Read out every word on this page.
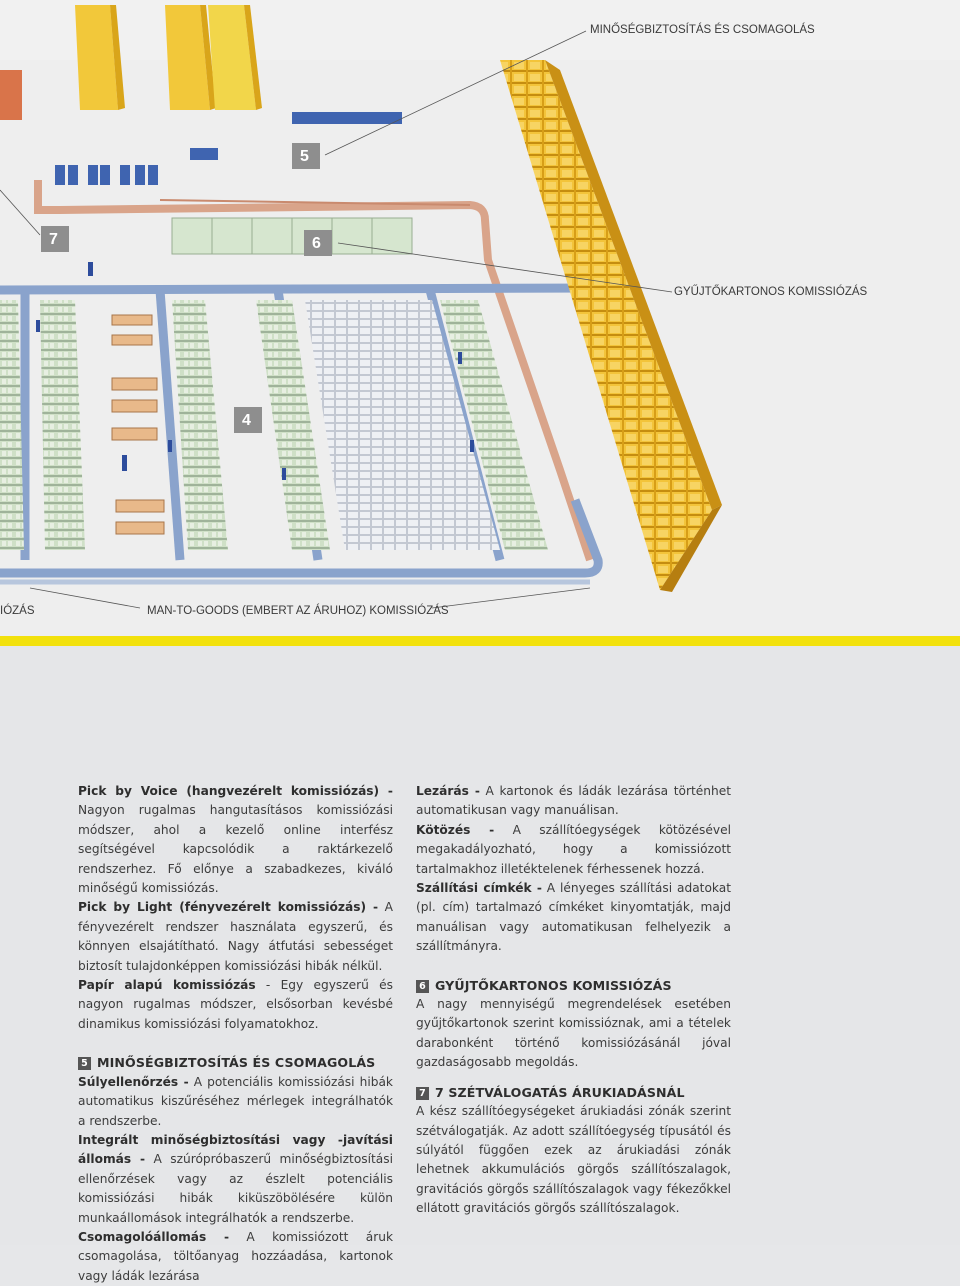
5
6
7
4
MINŐSÉGBIZTOSÍTÁS ÉS CSOMAGOLÁS
GYŰJTŐKARTONOS KOMISSIÓZÁS
IÓZÁS	MAN-TO-GOODS (EMBERT AZ ÁRUHOZ) KOMISSIÓZÁS

Pick by Voice (hangvezérelt komissiózás) - Nagyon rugalmas hangutasításos komissiózási módszer, ahol a kezelő online interfész segítségével kapcsolódik a raktárkezelő rendszerhez. Fő előnye a szabadkezes, kiváló minőségű komissiózás.

Pick by Light (fényvezérelt komissiózás) - A fényvezérelt rendszer használata egyszerű, és könnyen elsajátítható. Nagy átfutási sebességet biztosít tulajdonképpen komissiózási hibák nélkül.

Papír alapú komissiózás - Egy egyszerű és nagyon rugalmas módszer, elsősorban kevésbé dinamikus komissiózási folyamatokhoz.

5 MINŐSÉGBIZTOSÍTÁS ÉS CSOMAGOLÁS

Súlyellenőrzés - A potenciális komissiózási hibák automatikus kiszűréséhez mérlegek integrálhatók a rendszerbe.

Integrált minőségbiztosítási vagy -javítási állomás - A szúrópróbaszerű minőségbiztosítási ellenőrzések vagy az észlelt potenciális komissiózási hibák kiküszöbölésére külön munkaállomások integrálhatók a rendszerbe.

Csomagolóállomás - A komissiózott áruk csomagolása, töltőanyag hozzáadása, kartonok vagy ládák lezárása

Lezárás - A kartonok és ládák lezárása történhet automatikusan vagy manuálisan.

Kötözés - A szállítóegységek kötözésével megakadályozható, hogy a komissiózott tartalmakhoz illetéktelenek férhessenek hozzá.

Szállítási címkék - A lényeges szállítási adatokat (pl. cím) tartalmazó címkéket kinyomtatják, majd manuálisan vagy automatikusan felhelyezik a szállítmányra.

6 GYŰJTŐKARTONOS KOMISSIÓZÁS

A nagy mennyiségű megrendelések esetében gyűjtőkartonok szerint komissióznak, ami a tételek darabonként történő komissiózásánál jóval gazdaságosabb megoldás.

7 7 SZÉTVÁLOGATÁS ÁRUKIADÁSNÁL

A kész szállítóegységeket árukiadási zónák szerint szétválogatják. Az adott szállítóegység típusától és súlyától függően ezek az árukiadási zónák lehetnek akkumulációs görgős szállítószalagok, gravitációs görgős szállítószalagok vagy fékezőkkel ellátott gravitációs görgős szállítószalagok.
